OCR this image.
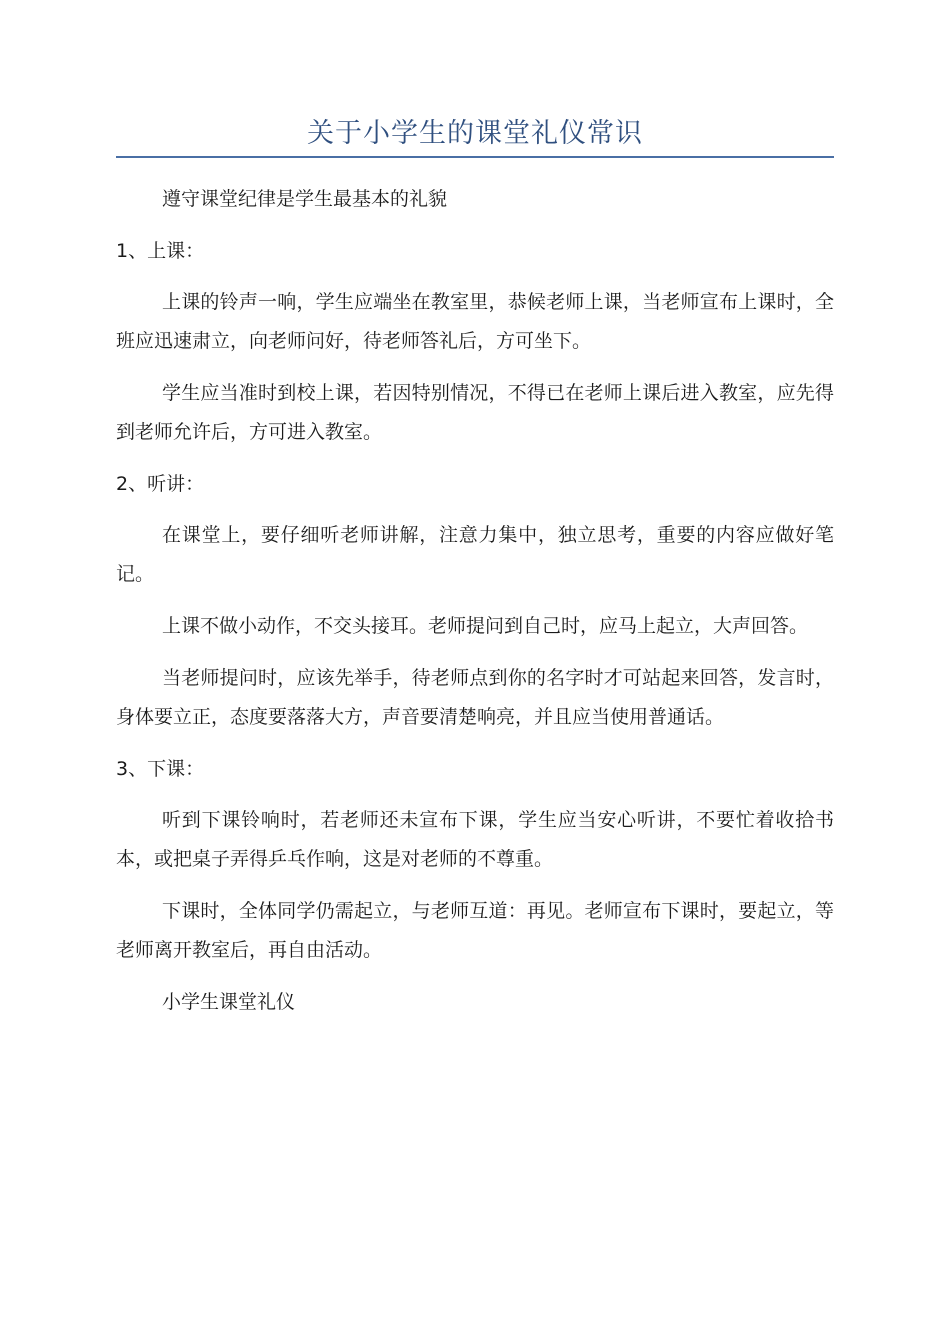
关于小学生的课堂礼仪常识

遵守课堂纪律是学生最基本的礼貌

1、上课：

上课的铃声一响，学生应端坐在教室里，恭候老师上课，当老师宣布上课时，全班应迅速肃立，向老师问好，待老师答礼后，方可坐下。

学生应当准时到校上课，若因特别情况，不得已在老师上课后进入教室，应先得到老师允许后，方可进入教室。

2、听讲：

在课堂上，要仔细听老师讲解，注意力集中，独立思考，重要的内容应做好笔记。

上课不做小动作，不交头接耳。老师提问到自己时，应马上起立，大声回答。

当老师提问时，应该先举手，待老师点到你的名字时才可站起来回答，发言时，身体要立正，态度要落落大方，声音要清楚响亮，并且应当使用普通话。

3、下课：

听到下课铃响时，若老师还未宣布下课，学生应当安心听讲，不要忙着收拾书本，或把桌子弄得乒乓作响，这是对老师的不尊重。

下课时，全体同学仍需起立，与老师互道：再见。老师宣布下课时，要起立，等老师离开教室后，再自由活动。

小学生课堂礼仪
